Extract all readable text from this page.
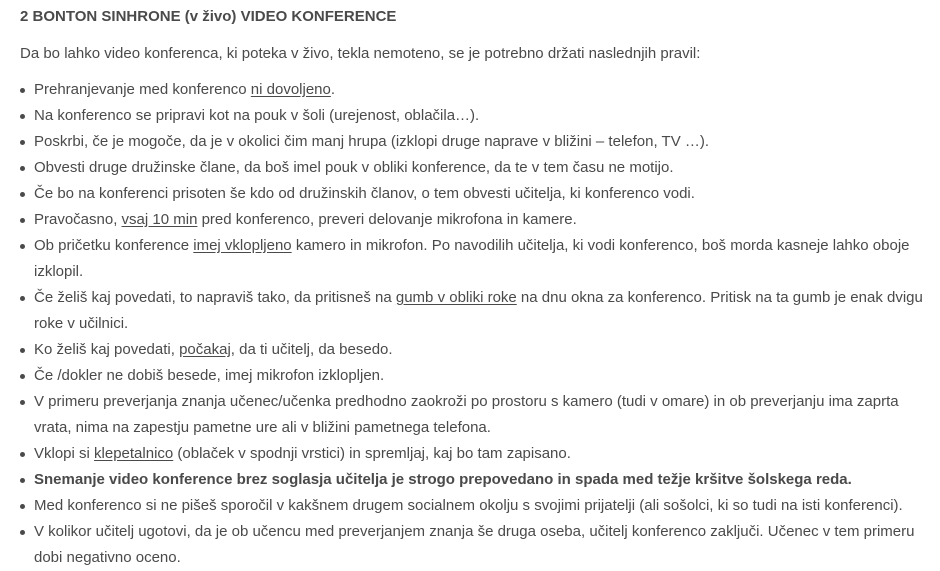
2 BONTON SINHRONE (v živo) VIDEO KONFERENCE
Da bo lahko video konferenca, ki poteka v živo, tekla nemoteno, se je potrebno držati naslednjih pravil:
Prehranjevanje med konferenco ni dovoljeno.
Na konferenco se pripravi kot na pouk v šoli (urejenost, oblačila…).
Poskrbi, če je mogoče, da je v okolici čim manj hrupa (izklopi druge naprave v bližini – telefon, TV …).
Obvesti druge družinske člane, da boš imel pouk v obliki konference, da te v tem času ne motijo.
Če bo na konferenci prisoten še kdo od družinskih članov, o tem obvesti učitelja, ki konferenco vodi.
Pravočasno, vsaj 10 min pred konferenco, preveri delovanje mikrofona in kamere.
Ob pričetku konference imej vklopljeno kamero in mikrofon. Po navodilih učitelja, ki vodi konferenco, boš morda kasneje lahko oboje izklopil.
Če želiš kaj povedati, to napraviš tako, da pritisneš na gumb v obliki roke na dnu okna za konferenco. Pritisk na ta gumb je enak dvigu roke v učilnici.
Ko želiš kaj povedati, počakaj, da ti učitelj, da besedo.
Če /dokler ne dobiš besede, imej mikrofon izklopljen.
V primeru preverjanja znanja učenec/učenka predhodno zaokroži po prostoru s kamero (tudi v omare) in ob preverjanju ima zaprta vrata, nima na zapestju pametne ure ali v bližini pametnega telefona.
Vklopi si klepetalnico (oblaček v spodnji vrstici) in spremljaj, kaj bo tam zapisano.
Snemanje video konference brez soglasja učitelja je strogo prepovedano in spada med težje kršitve šolskega reda.
Med konferenco si ne pišeš sporočil v kakšnem drugem socialnem okolju s svojimi prijatelji (ali sošolci, ki so tudi na isti konferenci).
V kolikor učitelj ugotovi, da je ob učencu med preverjanjem znanja še druga oseba, učitelj konferenco zaključi. Učenec v tem primeru dobi negativno oceno.
